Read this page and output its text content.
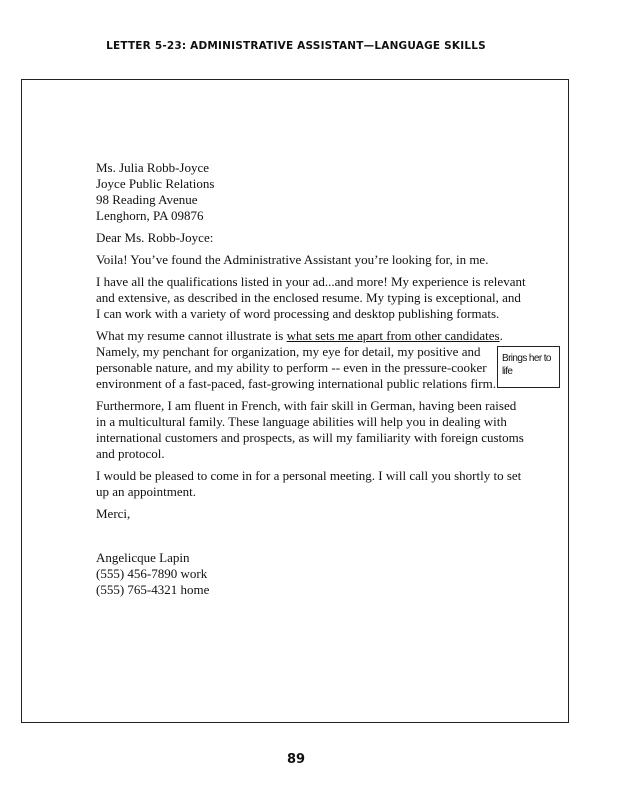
LETTER 5-23: ADMINISTRATIVE ASSISTANT—LANGUAGE SKILLS
Ms. Julia Robb-Joyce
Joyce Public Relations
98 Reading Avenue
Lenghorn, PA 09876

Dear Ms. Robb-Joyce:

Voila! You’ve found the Administrative Assistant you’re looking for, in me.

I have all the qualifications listed in your ad...and more! My experience is relevant and extensive, as described in the enclosed resume. My typing is exceptional, and I can work with a variety of word processing and desktop publishing formats.

What my resume cannot illustrate is what sets me apart from other candidates. Namely, my penchant for organization, my eye for detail, my positive and personable nature, and my ability to perform -- even in the pressure-cooker environment of a fast-paced, fast-growing international public relations firm.

Furthermore, I am fluent in French, with fair skill in German, having been raised in a multicultural family. These language abilities will help you in dealing with international customers and prospects, as will my familiarity with foreign customs and protocol.

I would be pleased to come in for a personal meeting. I will call you shortly to set up an appointment.

Merci,

Angelicque Lapin
(555) 456-7890 work
(555) 765-4321 home
Brings her to life
89
